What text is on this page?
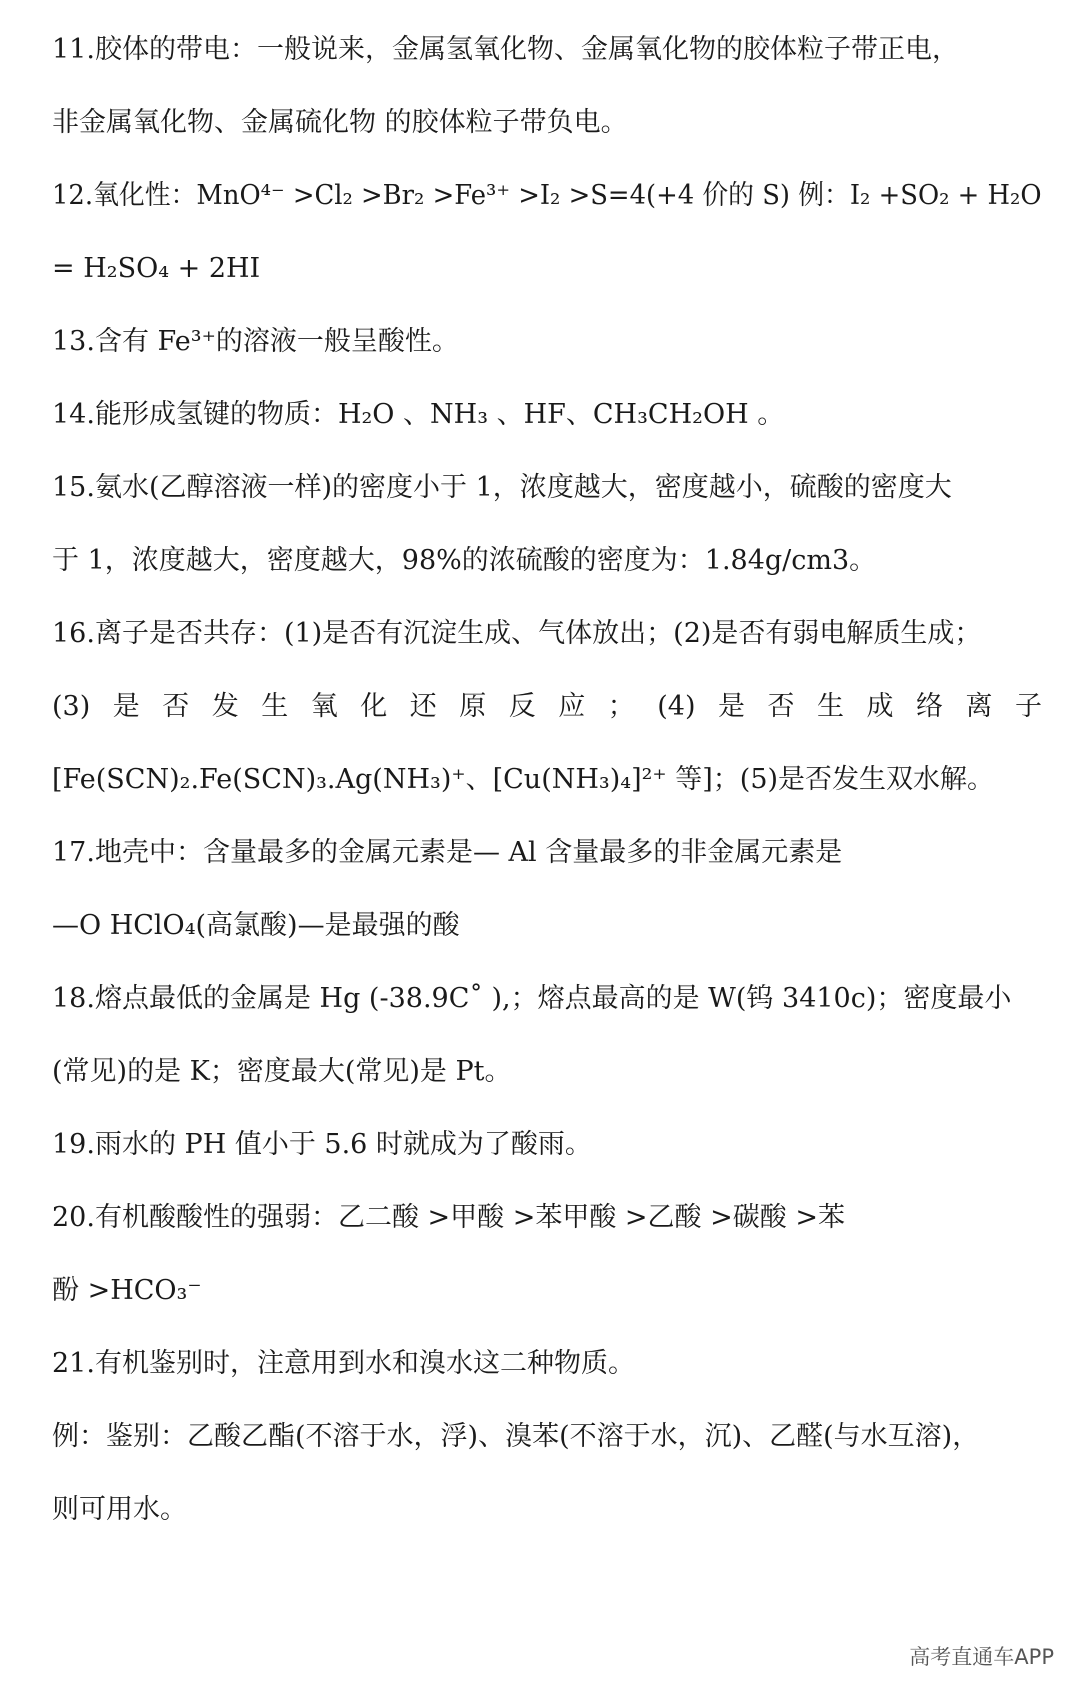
11.胶体的带电：一般说来，金属氢氧化物、金属氧化物的胶体粒子带正电，
非金属氧化物、金属硫化物 的胶体粒子带负电。
12.氧化性：MnO⁴⁻ >Cl₂ >Br₂ >Fe³⁺ >I₂ >S=4(+4 价的 S) 例：I₂ +SO₂ + H₂O
= H₂SO₄ + 2HI
13.含有 Fe³⁺的溶液一般呈酸性。
14.能形成氢键的物质：H₂O 、NH₃ 、HF、CH₃CH₂OH 。
15.氨水(乙醇溶液一样)的密度小于 1，浓度越大，密度越小，硫酸的密度大
于 1，浓度越大，密度越大，98%的浓硫酸的密度为：1.84g/cm3。
16.离子是否共存：(1)是否有沉淀生成、气体放出；(2)是否有弱电解质生成；
(3) 是 否 发 生 氧 化 还 原 反 应 ； (4) 是 否 生 成 络 离 子
[Fe(SCN)₂.Fe(SCN)₃.Ag(NH₃)⁺、[Cu(NH₃)₄]²⁺ 等]；(5)是否发生双水解。
17.地壳中：含量最多的金属元素是— Al 含量最多的非金属元素是
—O HClO₄(高氯酸)—是最强的酸
18.熔点最低的金属是 Hg (-38.9C˚ ),；熔点最高的是 W(钨 3410c)；密度最小
(常见)的是 K；密度最大(常见)是 Pt。
19.雨水的 PH 值小于 5.6 时就成为了酸雨。
20.有机酸酸性的强弱：乙二酸 >甲酸 >苯甲酸 >乙酸 >碳酸 >苯
酚 >HCO₃⁻
21.有机鉴别时，注意用到水和溴水这二种物质。
例：鉴别：乙酸乙酯(不溶于水，浮)、溴苯(不溶于水，沉)、乙醛(与水互溶)，
则可用水。
高考直通车APP
